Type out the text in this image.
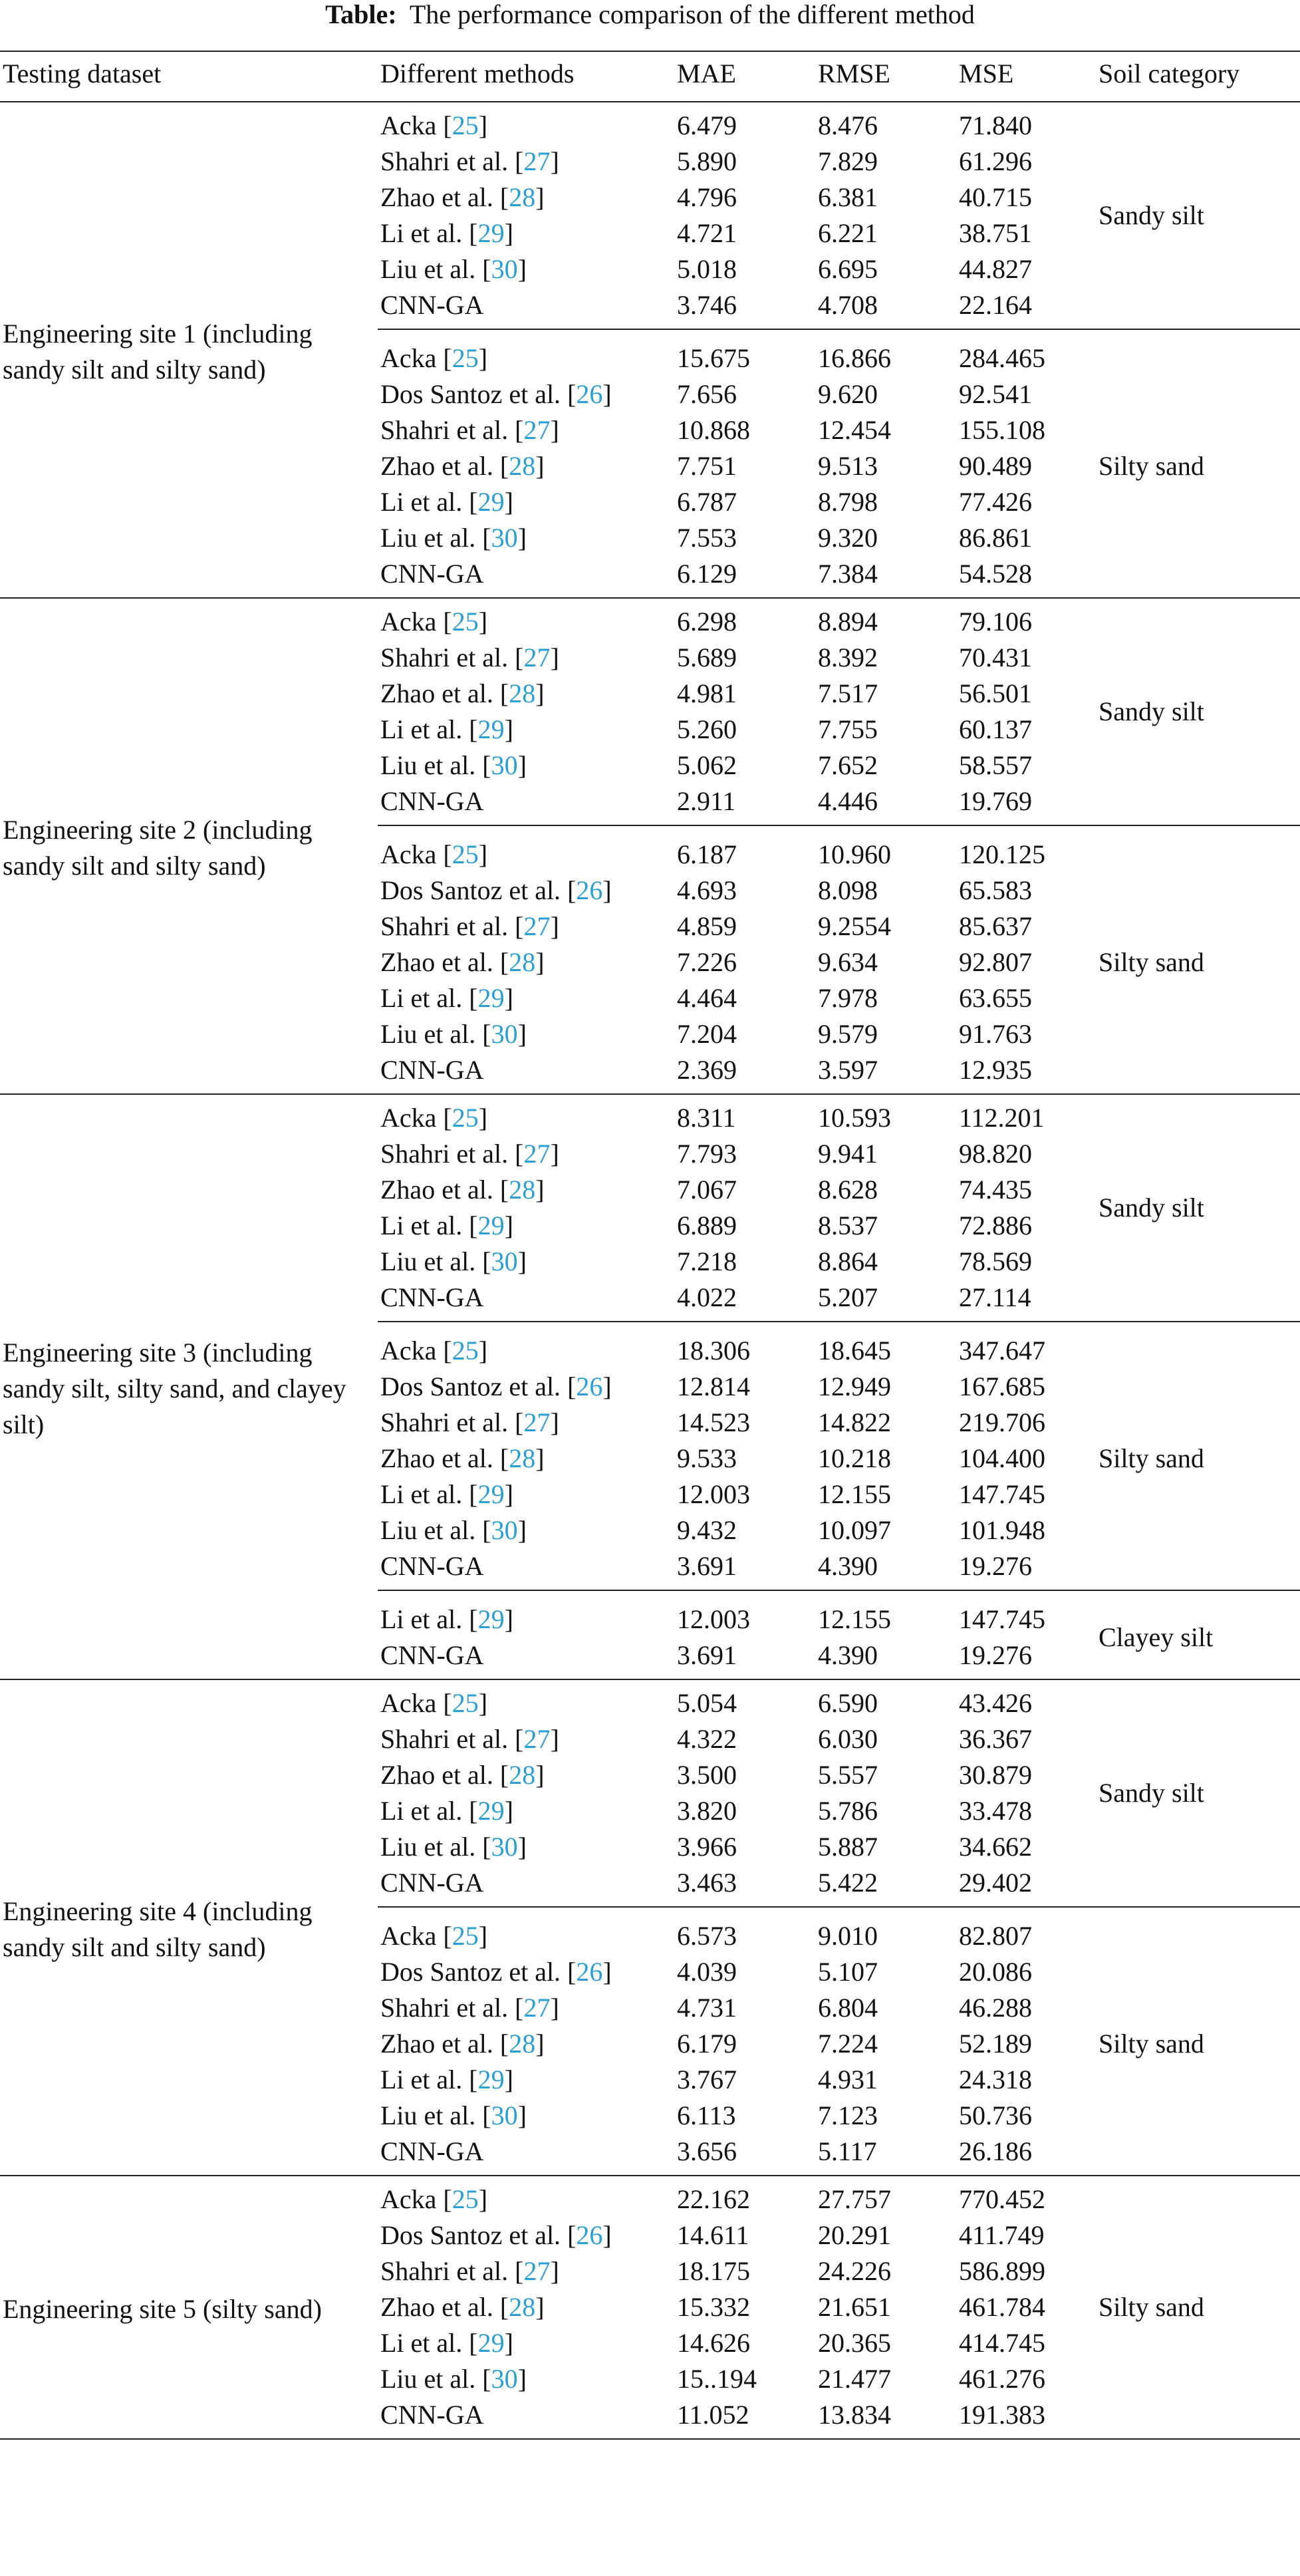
Table: The performance comparison of the different method
Testing dataset	Different methods	MAE	RMSE	MSE	Soil category
Acka [25]	6.479	8.476	71.840
Shahri et al. [27]	5.890	7.829	61.296
Zhao et al. [28]	4.796	6.381	40.715
Li et al. [29]	4.721	6.221	38.751
Liu et al. [30]	5.018	6.695	44.827
CNN-GA	3.746	4.708	22.164
Sandy silt
Acka [25]	15.675	16.866	284.465
Dos Santoz et al. [26] 7.656	9.620	92.541
Shahri et al. [27]	10.868	12.454	155.108
Zhao et al. [28]	7.751	9.513	90.489
Li et al. [29]	6.787	8.798	77.426
Liu et al. [30]	7.553	9.320	86.861
CNN-GA	6.129	7.384	54.528
Silty sand
Engineering site 1 (including sandy silt and silty sand)
Acka [25]	6.298	8.894	79.106
Shahri et al. [27]	5.689	8.392	70.431
Zhao et al. [28]	4.981	7.517	56.501
Li et al. [29]	5.260	7.755	60.137
Liu et al. [30]	5.062	7.652	58.557
CNN-GA	2.911	4.446	19.769
Sandy silt
Acka [25]	6.187	10.960	120.125
Dos Santoz et al. [26] 4.693	8.098	65.583
Shahri et al. [27]	4.859	9.2554	85.637
Zhao et al. [28]	7.226	9.634	92.807
Li et al. [29]	4.464	7.978	63.655
Liu et al. [30]	7.204	9.579	91.763
CNN-GA	2.369	3.597	12.935
Silty sand
Engineering site 2 (including sandy silt and silty sand)
Acka [25]	8.311	10.593	112.201
Shahri et al. [27]	7.793	9.941	98.820
Zhao et al. [28]	7.067	8.628	74.435
Li et al. [29]	6.889	8.537	72.886
Liu et al. [30]	7.218	8.864	78.569
CNN-GA	4.022	5.207	27.114
Sandy silt
Acka [25]	18.306	18.645	347.647
Dos Santoz et al. [26] 12.814	12.949	167.685
Shahri et al. [27]	14.523	14.822	219.706
Zhao et al. [28]	9.533	10.218	104.400
Li et al. [29]	12.003	12.155	147.745
Liu et al. [30]	9.432	10.097	101.948
CNN-GA	3.691	4.390	19.276
Silty sand
Li et al. [29]	12.003	12.155	147.745
CNN-GA	3.691	4.390	19.276
Clayey silt
Engineering site 3 (including sandy silt, silty sand, and clayey silt)
Acka [25]	5.054	6.590	43.426
Shahri et al. [27]	4.322	6.030	36.367
Zhao et al. [28]	3.500	5.557	30.879
Li et al. [29]	3.820	5.786	33.478
Liu et al. [30]	3.966	5.887	34.662
CNN-GA	3.463	5.422	29.402
Sandy silt
Acka [25]	6.573	9.010	82.807
Dos Santoz et al. [26] 4.039	5.107	20.086
Shahri et al. [27]	4.731	6.804	46.288
Zhao et al. [28]	6.179	7.224	52.189
Li et al. [29]	3.767	4.931	24.318
Liu et al. [30]	6.113	7.123	50.736
CNN-GA	3.656	5.117	26.186
Silty sand
Engineering site 4 (including sandy silt and silty sand)
Acka [25]	22.162	27.757	770.452
Dos Santoz et al. [26] 14.611	20.291	411.749
Shahri et al. [27]	18.175	24.226	586.899
Zhao et al. [28]	15.332	21.651	461.784
Li et al. [29]	14.626	20.365	414.745
Liu et al. [30]	15..194 21.477	461.276
CNN-GA	11.052	13.834	191.383
Silty sand
Engineering site 5 (silty sand)
